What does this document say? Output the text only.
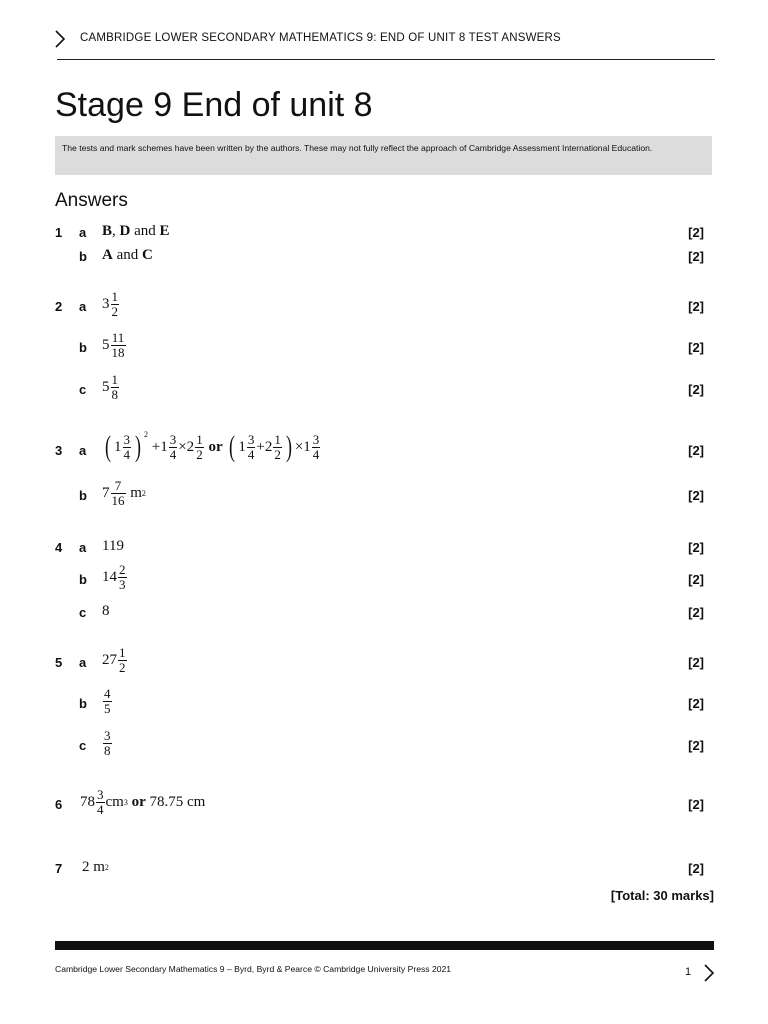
CAMBRIDGE LOWER SECONDARY MATHEMATICS 9: END OF UNIT 8 TEST ANSWERS
Stage 9 End of unit 8
The tests and mark schemes have been written by the authors. These may not fully reflect the approach of Cambridge Assessment International Education.
Answers
1 a B , D and E	[2]
b A and C	[2]
2 a $3 \frac{1}{2}$	[2]
b $5 \frac{11}{18}$	[2]
c $5 \frac{1}{8}$	[2]
3 a ( $1 \frac{3}{4}$ ) $^2$
$+1 \frac{3}{4} \times 2 \frac{1}{2}$
or
( $1 \frac{3}{4} +2 \frac{1}{2}$ ) $\times 1 \frac{3}{4}$	[2]
b $7 \frac{7}{16}$ m 2	[2]
4 a 119	[2]
b $14 \frac{2}{3}$	[2]
c 8	[2]
5 a $27 \frac{1}{2}$	[2]
b $\frac{4}{5}$	[2]
c $\frac{3}{8}$	[2]
6 $78 \frac{3}{4}$ cm 3
or 78.75 cm	[2]
7 2 m 2	[2]
[Total: 30 marks]
Cambridge Lower Secondary Mathematics 9 – Byrd, Byrd & Pearce © Cambridge University Press 2021	1
